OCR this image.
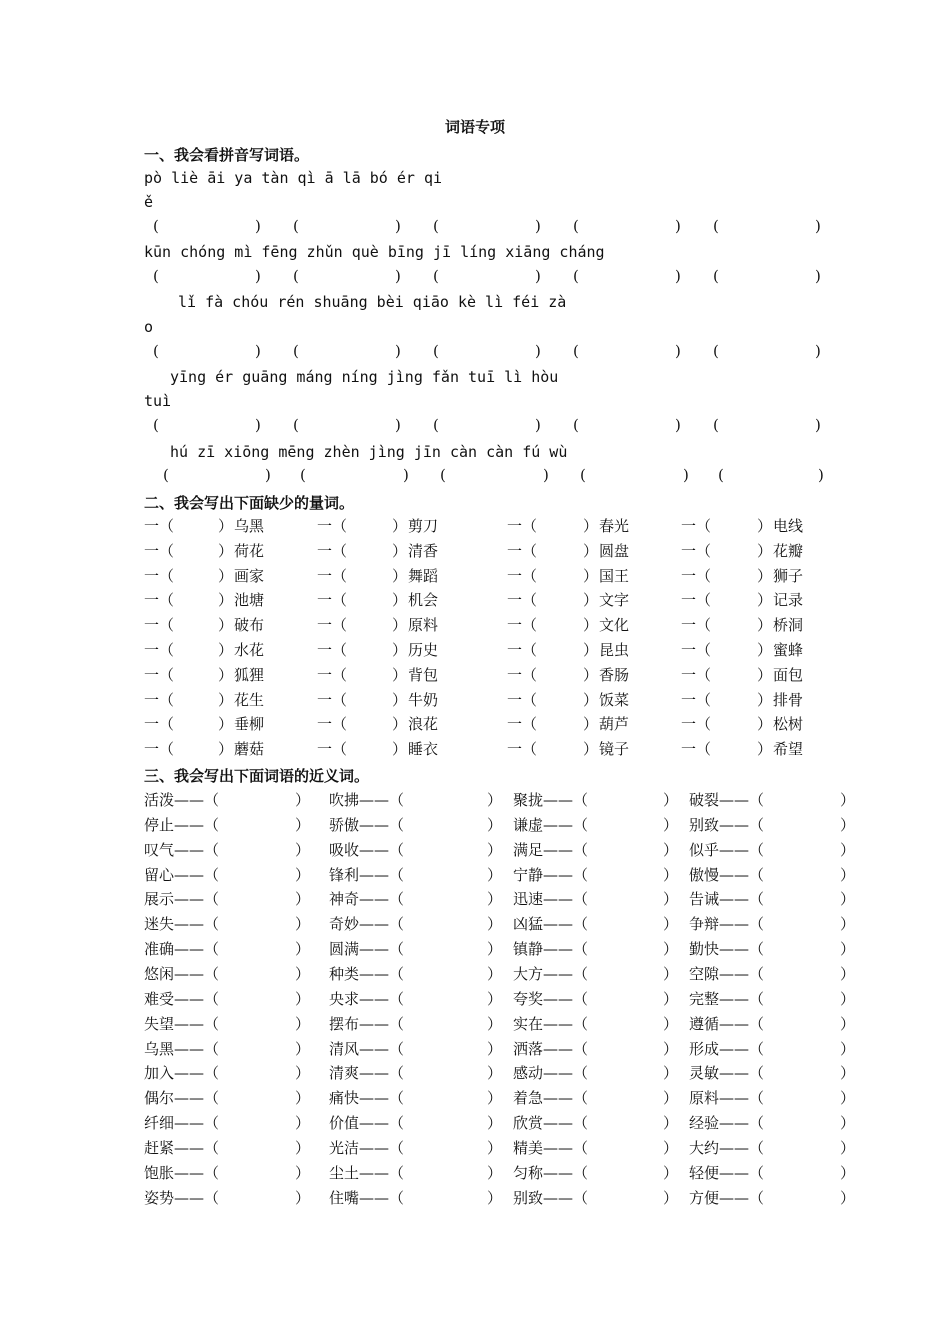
词语专项
一、我会看拼音写词语。
pò liè āi ya tàn qì ā lā bó ér qi
ě
(	) (	) (	) (	) (	)
kūn chóng mì fēng zhǔn què bīng jī líng xiāng cháng
(	) (	) (	) (	) (	)
lǐ fà chóu rén shuāng bèi qiāo kè lì féi zà
o
(	) (	) (	) (	) (	)
yīng ér guāng máng níng jìng fǎn tuī lì hòu
tuì
(	) (	) (	) (	) (	)
hú zī xiōng mēng zhèn jìng jīn càn càn fú wù
(	) (	) (	) (	) (	)
二、我会写出下面缺少的量词。
一（	） 乌黑	一（	） 剪刀	一（	） 春光	一（	） 电线
一（	） 荷花	一（	） 清香	一（	） 圆盘	一（	） 花瓣
一（	） 画家	一（	） 舞蹈	一（	） 国王	一（	） 狮子
一（	） 池塘	一（	） 机会	一（	） 文字	一（	） 记录
一（	） 破布	一（	） 原料	一（	） 文化	一（	） 桥洞
一（	） 水花	一（	） 历史	一（	） 昆虫	一（	） 蜜蜂
一（	） 狐狸	一（	） 背包	一（	） 香肠	一（	） 面包
一（	） 花生	一（	） 牛奶	一（	） 饭菜	一（	） 排骨
一（	） 垂柳	一（	） 浪花	一（	） 葫芦	一（	） 松树
一（	） 蘑菇	一（	） 睡衣	一（	） 镜子	一（	） 希望
三、我会写出下面词语的近义词。
活泼 ——（	） 吹拂 ——（	） 聚拢 ——（	） 破裂 ——（	）
停止 ——（	） 骄傲 ——（	） 谦虚 ——（	） 别致 ——（	）
叹气 ——（	） 吸收 ——（	） 满足 ——（	） 似乎 ——（	）
留心 ——（	） 锋利 ——（	） 宁静 ——（	） 傲慢 ——（	）
展示 ——（	） 神奇 ——（	） 迅速 ——（	） 告诫 ——（	）
迷失 ——（	） 奇妙 ——（	） 凶猛 ——（	） 争辩 ——（	）
准确 ——（	） 圆满 ——（	） 镇静 ——（	） 勤快 ——（	）
悠闲 ——（	） 种类 ——（	） 大方 ——（	） 空隙 ——（	）
难受 ——（	） 央求 ——（	） 夸奖 ——（	） 完整 ——（	）
失望 ——（	） 摆布 ——（	） 实在 ——（	） 遵循 ——（	）
乌黑 ——（	） 清风 ——（	） 洒落 ——（	） 形成 ——（	）
加入 ——（	） 清爽 ——（	） 感动 ——（	） 灵敏 ——（	）
偶尔 ——（	） 痛快 ——（	） 着急 ——（	） 原料 ——（	）
纤细 ——（	） 价值 ——（	） 欣赏 ——（	） 经验 ——（	）
赶紧 ——（	） 光洁 ——（	） 精美 ——（	） 大约 ——（	）
饱胀 ——（	） 尘土 ——（	） 匀称 ——（	） 轻便 ——（	）
姿势 ——（	） 住嘴 ——（	） 别致 ——（	） 方便 ——（	）
